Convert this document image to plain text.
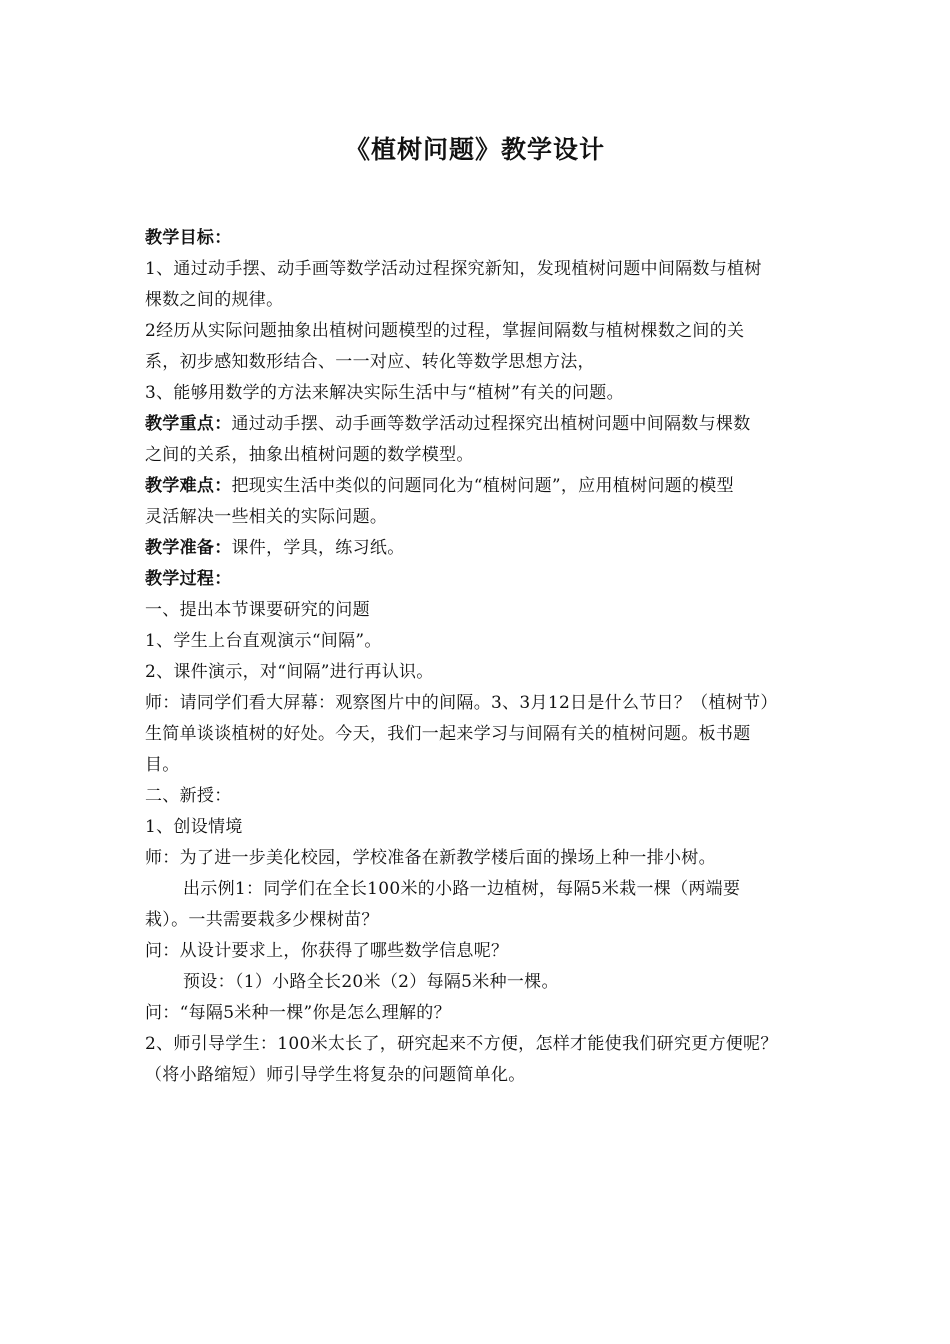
《植树问题》教学设计

教学目标：

1、通过动手摆、动手画等数学活动过程探究新知，发现植树问题中间隔数与植树

棵数之间的规律。

2经历从实际问题抽象出植树问题模型的过程，掌握间隔数与植树棵数之间的关

系，初步感知数形结合、一一对应、转化等数学思想方法，

3、能够用数学的方法来解决实际生活中与“植树”有关的问题。

教学重点：通过动手摆、动手画等数学活动过程探究出植树问题中间隔数与棵数

之间的关系，抽象出植树问题的数学模型。

教学难点：把现实生活中类似的问题同化为“植树问题”，应用植树问题的模型

灵活解决一些相关的实际问题。

教学准备：课件，学具，练习纸。

教学过程：

一、提出本节课要研究的问题

1、学生上台直观演示“间隔”。

2、课件演示，对“间隔”进行再认识。

师：请同学们看大屏幕：观察图片中的间隔。3、3月12日是什么节日？（植树节）

生简单谈谈植树的好处。今天，我们一起来学习与间隔有关的植树问题。板书题

目。

二、新授：

1、创设情境

师：为了进一步美化校园，学校准备在新教学楼后面的操场上种一排小树。

出示例1：同学们在全长100米的小路一边植树，每隔5米栽一棵（两端要

栽）。一共需要栽多少棵树苗？

问：从设计要求上，你获得了哪些数学信息呢？

预设：（1）小路全长20米（2）每隔5米种一棵。

问：“每隔5米种一棵”你是怎么理解的？

2、师引导学生：100米太长了，研究起来不方便，怎样才能使我们研究更方便呢？

（将小路缩短）师引导学生将复杂的问题简单化。
